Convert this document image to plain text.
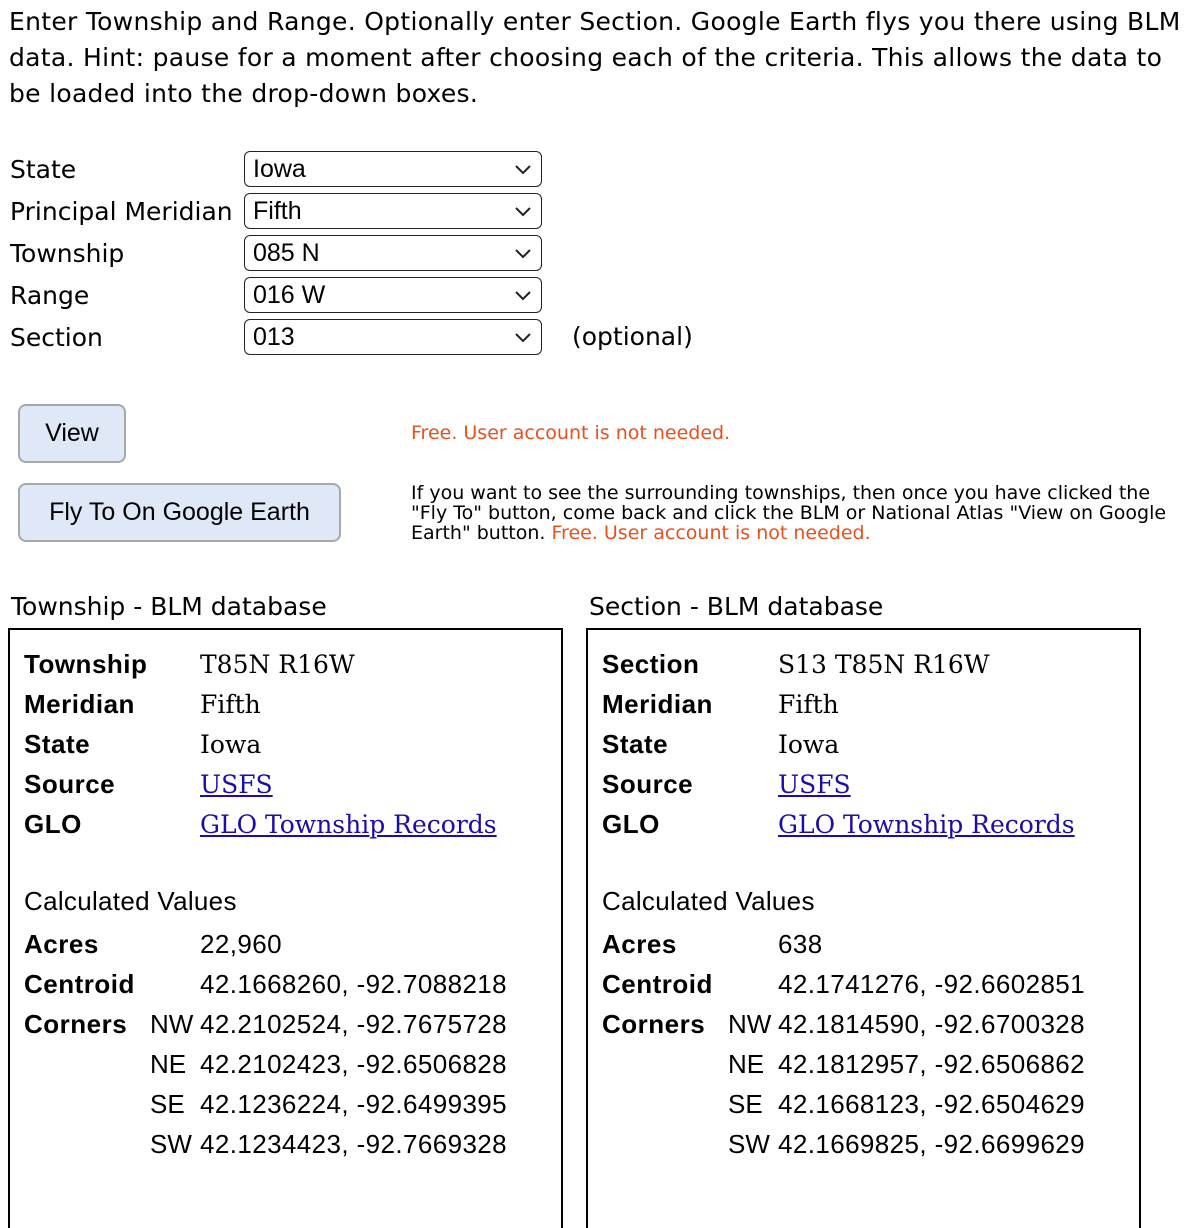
Enter Township and Range. Optionally enter Section. Google Earth flys you there using BLM data. Hint: pause for a moment after choosing each of the criteria. This allows the data to be loaded into the drop-down boxes.
State	Iowa
Principal Meridian Fifth
Township	085 N
Range	016 W
Section	013	(optional)
View
Fly To On Google Earth
Free. User account is not needed.
If you want to see the surrounding townships, then once you have clicked the "Fly To" button, come back and click the BLM or National Atlas "View on Google Earth" button. Free. User account is not needed.
Township - BLM database
Township T85N R16W
Meridian	Fifth
State	Iowa
Source	USFS
GLO	GLO Township Records
Calculated Values
Acres	22,960
Centroid	42.1668260, -92.7088218
Corners NW 42.2102524, -92.7675728
NE 42.2102423, -92.6506828
SE 42.1236224, -92.6499395
SW 42.1234423, -92.7669328
Section - BLM database
Section	S13 T85N R16W
Meridian	Fifth
State	Iowa
Source	USFS
GLO	GLO Township Records
Calculated Values
Acres	638
Centroid	42.1741276, -92.6602851
Corners NW 42.1814590, -92.6700328
NE 42.1812957, -92.6506862
SE 42.1668123, -92.6504629
SW 42.1669825, -92.6699629
